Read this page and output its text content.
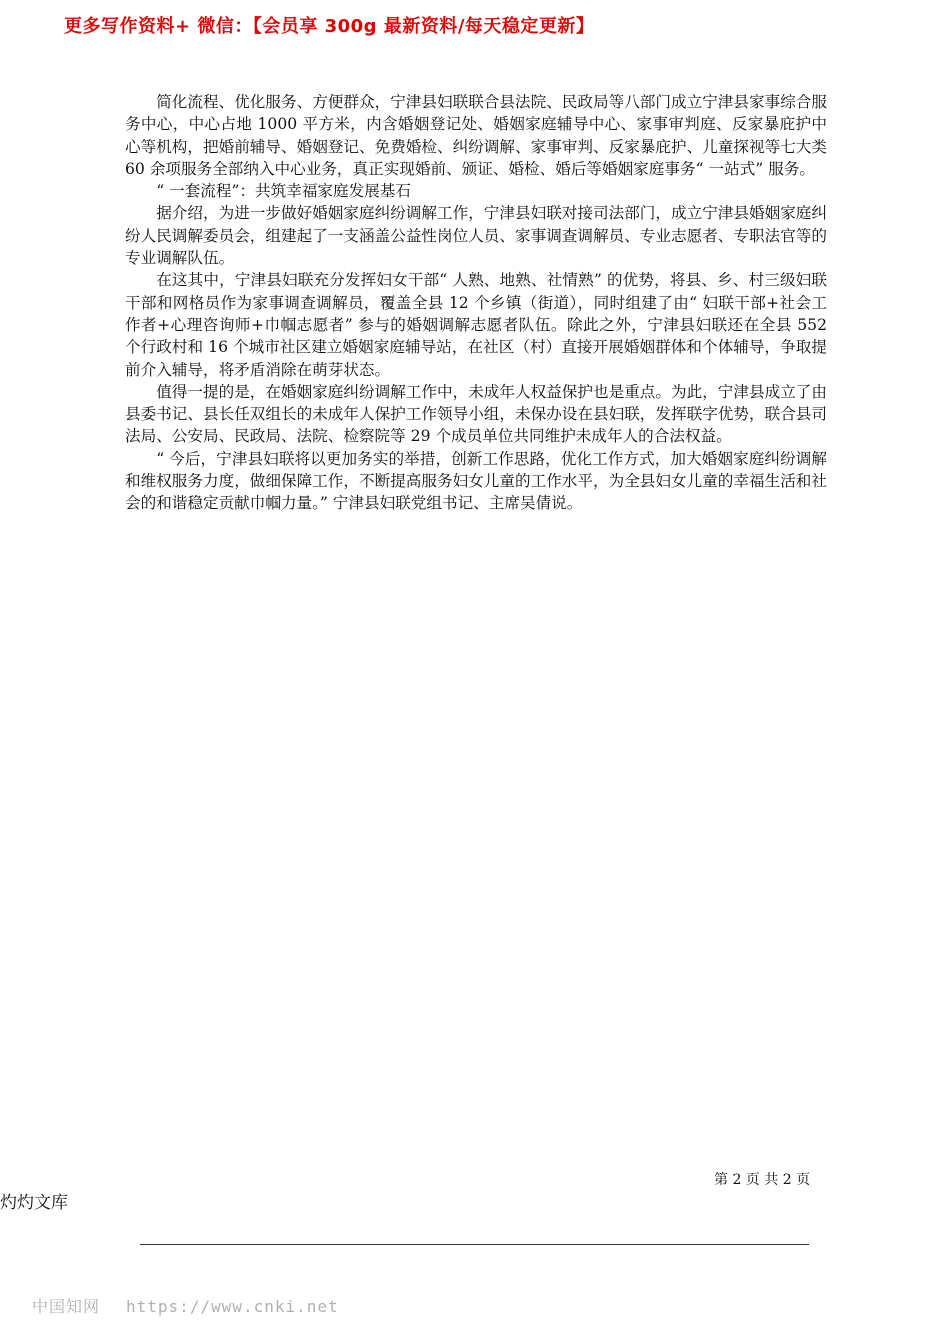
更多写作资料+ 微信：【会员享 300g 最新资料/每天稳定更新】

简化流程、优化服务、方便群众，宁津县妇联联合县法院、民政局等八部门成立宁津县家事综合服务中心，中心占地 1000 平方米，内含婚姻登记处、婚姻家庭辅导中心、家事审判庭、反家暴庇护中心等机构，把婚前辅导、婚姻登记、免费婚检、纠纷调解、家事审判、反家暴庇护、儿童探视等七大类 60 余项服务全部纳入中心业务，真正实现婚前、颁证、婚检、婚后等婚姻家庭事务“ 一站式” 服务。

“ 一套流程”：共筑幸福家庭发展基石

据介绍，为进一步做好婚姻家庭纠纷调解工作，宁津县妇联对接司法部门，成立宁津县婚姻家庭纠纷人民调解委员会，组建起了一支涵盖公益性岗位人员、家事调查调解员、专业志愿者、专职法官等的专业调解队伍。

在这其中，宁津县妇联充分发挥妇女干部“ 人熟、地熟、社情熟” 的优势，将县、乡、村三级妇联干部和网格员作为家事调查调解员，覆盖全县 12 个乡镇（街道），同时组建了由“ 妇联干部+社会工作者+心理咨询师+巾帼志愿者” 参与的婚姻调解志愿者队伍。除此之外，宁津县妇联还在全县 552 个行政村和 16 个城市社区建立婚姻家庭辅导站，在社区（村）直接开展婚姻群体和个体辅导，争取提前介入辅导，将矛盾消除在萌芽状态。

值得一提的是，在婚姻家庭纠纷调解工作中，未成年人权益保护也是重点。为此，宁津县成立了由县委书记、县长任双组长的未成年人保护工作领导小组，未保办设在县妇联，发挥联字优势，联合县司法局、公安局、民政局、法院、检察院等 29 个成员单位共同维护未成年人的合法权益。

“ 今后，宁津县妇联将以更加务实的举措，创新工作思路，优化工作方式，加大婚姻家庭纠纷调解和维权服务力度，做细保障工作，不断提高服务妇女儿童的工作水平，为全县妇女儿童的幸福生活和社会的和谐稳定贡献巾帼力量。” 宁津县妇联党组书记、主席吴倩说。

第 2 页 共 2 页
灼灼文库
中国知网 https://www.cnki.net
